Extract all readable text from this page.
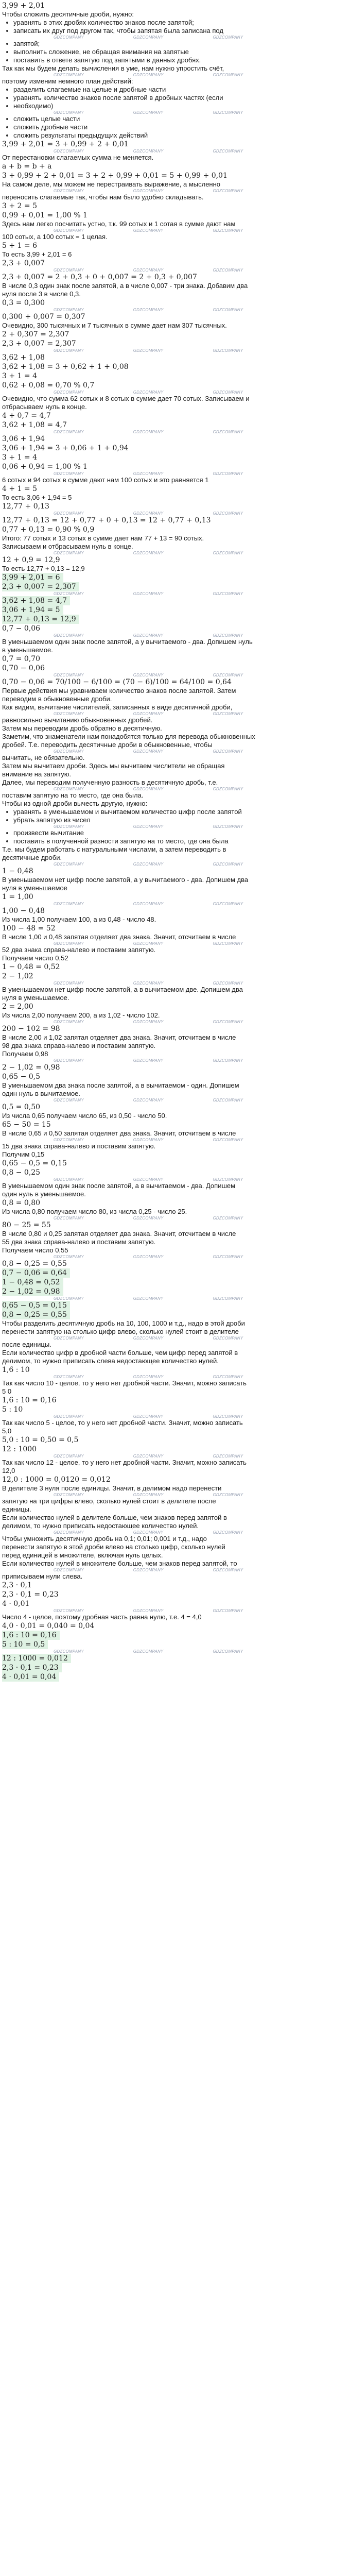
3,99 + 2,01
Чтобы сложить десятичные дроби, нужно:
уравнять в этих дробях количество знаков после запятой;
записать их друг под другом так, чтобы запятая была записана под
GDZCOMPANY	GDZCOMPANY	GDZCOMPANY
запятой;
выполнить сложение, не обращая внимания на запятые
поставить в ответе запятую под запятыми в данных дробях.
Так как мы будем делать вычисления в уме, нам нужно упростить счёт,
GDZCOMPANY	GDZCOMPANY	GDZCOMPANY
поэтому изменим немного план действий:
разделить слагаемые на целые и дробные части
уравнять количество знаков после запятой в дробных частях (если
необходимо)
GDZCOMPANY	GDZCOMPANY	GDZCOMPANY
сложить целые части
сложить дробные части
сложить результаты предыдущих действий
3,99 + 2,01 = 3 + 0,99 + 2 + 0,01
GDZCOMPANY	GDZCOMPANY	GDZCOMPANY
От перестановки слагаемых сумма не меняется.
a + b = b + a
3 + 0,99 + 2 + 0,01 = 3 + 2 + 0,99 + 0,01 = 5 + 0,99 + 0,01
На самом деле, мы можем не перестраивать выражение, а мысленно
GDZCOMPANY	GDZCOMPANY	GDZCOMPANY
переносить слагаемые так, чтобы нам было удобно складывать.
3 + 2 = 5
0,99 + 0,01 = 1,00 % 1
Здесь нам легко посчитать устно, т.к. 99 сотых и 1 сотая в сумме дают нам
GDZCOMPANY	GDZCOMPANY	GDZCOMPANY
100 сотых, а 100 сотых = 1 целая.
5 + 1 = 6
То есть 3,99 + 2,01 = 6
2,3 + 0,007
GDZCOMPANY	GDZCOMPANY	GDZCOMPANY
2,3 + 0,007 = 2 + 0,3 + 0 + 0,007 = 2 + 0,3 + 0,007
В числе 0,3 один знак после запятой, а в числе 0,007 - три знака. Добавим два
нуля после 3 в числе 0,3.
0,3 = 0,300
GDZCOMPANY	GDZCOMPANY	GDZCOMPANY
0,300 + 0,007 = 0,307
Очевидно, 300 тысячных и 7 тысячных в сумме дает нам 307 тысячных.
2 + 0,307 = 2,307
2,3 + 0,007 = 2,307
GDZCOMPANY	GDZCOMPANY	GDZCOMPANY
3,62 + 1,08
3,62 + 1,08 = 3 + 0,62 + 1 + 0,08
3 + 1 = 4
0,62 + 0,08 = 0,70 % 0,7
GDZCOMPANY	GDZCOMPANY	GDZCOMPANY
Очевидно, что сумма 62 сотых и 8 сотых в сумме дает 70 сотых. Записываем и
отбрасываем нуль в конце.
4 + 0,7 = 4,7
3,62 + 1,08 = 4,7
GDZCOMPANY	GDZCOMPANY	GDZCOMPANY
3,06 + 1,94
3,06 + 1,94 = 3 + 0,06 + 1 + 0,94
3 + 1 = 4
0,06 + 0,94 = 1,00 % 1
GDZCOMPANY	GDZCOMPANY	GDZCOMPANY
6 сотых и 94 сотых в сумме дают нам 100 сотых и это равняется 1
4 + 1 = 5
То есть 3,06 + 1,94 = 5
12,77 + 0,13
GDZCOMPANY	GDZCOMPANY	GDZCOMPANY
12,77 + 0,13 = 12 + 0,77 + 0 + 0,13 = 12 + 0,77 + 0,13
0,77 + 0,13 = 0,90 % 0,9
Итого: 77 сотых и 13 сотых в сумме дает нам 77 + 13 = 90 сотых.
Записываем и отбрасываем нуль в конце.
GDZCOMPANY	GDZCOMPANY	GDZCOMPANY
12 + 0,9 = 12,9
То есть 12,77 + 0,13 = 12,9
3,99 + 2,01 = 6
2,3 + 0,007 = 2,307
GDZCOMPANY	GDZCOMPANY	GDZCOMPANY
3,62 + 1,08 = 4,7
3,06 + 1,94 = 5
12,77 + 0,13 = 12,9
0,7 − 0,06
GDZCOMPANY	GDZCOMPANY	GDZCOMPANY
В уменьшаемом один знак после запятой, а у вычитаемого - два. Допишем нуль
в уменьшаемое.
0,7 = 0,70
0,70 − 0,06
GDZCOMPANY	GDZCOMPANY	GDZCOMPANY
0,70 − 0,06 = 70/100 − 6/100 = (70 − 6)/100 = 64/100 = 0,64
Первые действия мы уравниваем количество знаков после запятой. Затем
переводим в обыкновенные дроби.
Как видим, вычитание числителей, записанных в виде десятичной дроби,
GDZCOMPANY	GDZCOMPANY	GDZCOMPANY
равносильно вычитанию обыкновенных дробей.
Затем мы переводим дробь обратно в десятичную.
Заметим, что знаменатели нам понадобятся только для перевода обыкновенных
дробей. Т.е. переводить десятичные дроби в обыкновенные, чтобы
GDZCOMPANY	GDZCOMPANY	GDZCOMPANY
вычитать, не обязательно.
Затем мы вычитаем дроби. Здесь мы вычитаем числители не обращая
внимание на запятую.
Далее, мы переводим полученную разность в десятичную дробь, т.е.
GDZCOMPANY	GDZCOMPANY	GDZCOMPANY
поставим запятую на то место, где она была.
Чтобы из одной дроби вычесть другую, нужно:
уравнять в уменьшаемом и вычитаемом количество цифр после запятой
убрать запятую из чисел
GDZCOMPANY	GDZCOMPANY	GDZCOMPANY
произвести вычитание
поставить в полученной разности запятую на то место, где она была
Т.е. мы будем работать с натуральными числами, а затем переводить в
десятичные дроби.
GDZCOMPANY	GDZCOMPANY	GDZCOMPANY
1 − 0,48
В уменьшаемом нет цифр после запятой, а у вычитаемого - два. Допишем два
нуля в уменьшаемое
1 = 1,00
GDZCOMPANY	GDZCOMPANY	GDZCOMPANY
1,00 − 0,48
Из числа 1,00 получаем 100, а из 0,48 - число 48.
100 − 48 = 52
В числе 1,00 и 0,48 запятая отделяет два знака. Значит, отсчитаем в числе
GDZCOMPANY	GDZCOMPANY	GDZCOMPANY
52 два знака справа-налево и поставим запятую.
Получаем число 0,52
1 − 0,48 = 0,52
2 − 1,02
GDZCOMPANY	GDZCOMPANY	GDZCOMPANY
В уменьшаемом нет цифр после запятой, а в вычитаемом две. Допишем два
нуля в уменьшаемое.
2 = 2,00
Из числа 2,00 получаем 200, а из 1,02 - число 102.
GDZCOMPANY	GDZCOMPANY	GDZCOMPANY
200 − 102 = 98
В числе 2,00 и 1,02 запятая отделяет два знака. Значит, отсчитаем в числе
98 два знака справа-налево и поставим запятую.
Получаем 0,98
GDZCOMPANY	GDZCOMPANY	GDZCOMPANY
2 − 1,02 = 0,98
0,65 − 0,5
В уменьшаемом два знака после запятой, а в вычитаемом - один. Допишем
один нуль в вычитаемое.
GDZCOMPANY	GDZCOMPANY	GDZCOMPANY
0,5 = 0,50
Из числа 0,65 получаем число 65, из 0,50 - число 50.
65 − 50 = 15
В числе 0,65 и 0,50 запятая отделяет два знака. Значит, отсчитаем в числе
GDZCOMPANY	GDZCOMPANY	GDZCOMPANY
15 два знака справа-налево и поставим запятую.
Получим 0,15
0,65 − 0,5 = 0,15
0,8 − 0,25
GDZCOMPANY	GDZCOMPANY	GDZCOMPANY
В уменьшаемом один знак после запятой, а в вычитаемом - два. Допишем
один нуль в уменьшаемое.
0,8 = 0,80
Из числа 0,80 получаем число 80, из числа 0,25 - число 25.
GDZCOMPANY	GDZCOMPANY	GDZCOMPANY
80 − 25 = 55
В числе 0,80 и 0,25 запятая отделяет два знака. Значит, отсчитаем в числе
55 два знака справа-налево и поставим запятую.
Получаем число 0,55
GDZCOMPANY	GDZCOMPANY	GDZCOMPANY
0,8 − 0,25 = 0,55
0,7 − 0,06 = 0,64
1 − 0,48 = 0,52
2 − 1,02 = 0,98
GDZCOMPANY	GDZCOMPANY	GDZCOMPANY
0,65 − 0,5 = 0,15
0,8 − 0,25 = 0,55
Чтобы разделить десятичную дробь на 10, 100, 1000 и т.д., надо в этой дроби
перенести запятую на столько цифр влево, сколько нулей стоит в делителе
GDZCOMPANY	GDZCOMPANY	GDZCOMPANY
после единицы.
Если количество цифр в дробной части больше, чем цифр перед запятой в
делимом, то нужно приписать слева недостающее количество нулей.
1,6 : 10
GDZCOMPANY	GDZCOMPANY	GDZCOMPANY
Так как число 10 - целое, то у него нет дробной части. Значит, можно записать
5 0
1,6 : 10 = 0,16
5 : 10
GDZCOMPANY	GDZCOMPANY	GDZCOMPANY
Так как число 5 - целое, то у него нет дробной части. Значит, можно записать
5,0
5,0 : 10 = 0,50 = 0,5
12 : 1000
GDZCOMPANY	GDZCOMPANY	GDZCOMPANY
Так как число 12 - целое, то у него нет дробной части. Значит, можно записать
12,0
12,0 : 1000 = 0,0120 = 0,012
В делителе 3 нуля после единицы. Значит, в делимом надо перенести
GDZCOMPANY	GDZCOMPANY	GDZCOMPANY
запятую на три цифры влево, сколько нулей стоит в делителе после
единицы.
Если количество нулей в делителе больше, чем знаков перед запятой в
делимом, то нужно приписать недостающее количество нулей.
GDZCOMPANY	GDZCOMPANY	GDZCOMPANY
Чтобы умножить десятичную дробь на 0,1; 0,01; 0,001 и т.д., надо
перенести запятую в этой дроби влево на столько цифр, сколько нулей
перед единицей в множителе, включая нуль целых.
Если количество нулей в множителе больше, чем знаков перед запятой, то
GDZCOMPANY	GDZCOMPANY	GDZCOMPANY
приписываем нули слева.
2,3 · 0,1
2,3 · 0,1 = 0,23
4 · 0,01
GDZCOMPANY	GDZCOMPANY	GDZCOMPANY
Число 4 - целое, поэтому дробная часть равна нулю, т.е. 4 = 4,0
4,0 · 0,01 = 0,040 = 0,04
1,6 : 10 = 0,16
5 : 10 = 0,5
GDZCOMPANY	GDZCOMPANY	GDZCOMPANY
12 : 1000 = 0,012
2,3 · 0,1 = 0,23
4 · 0,01 = 0,04
